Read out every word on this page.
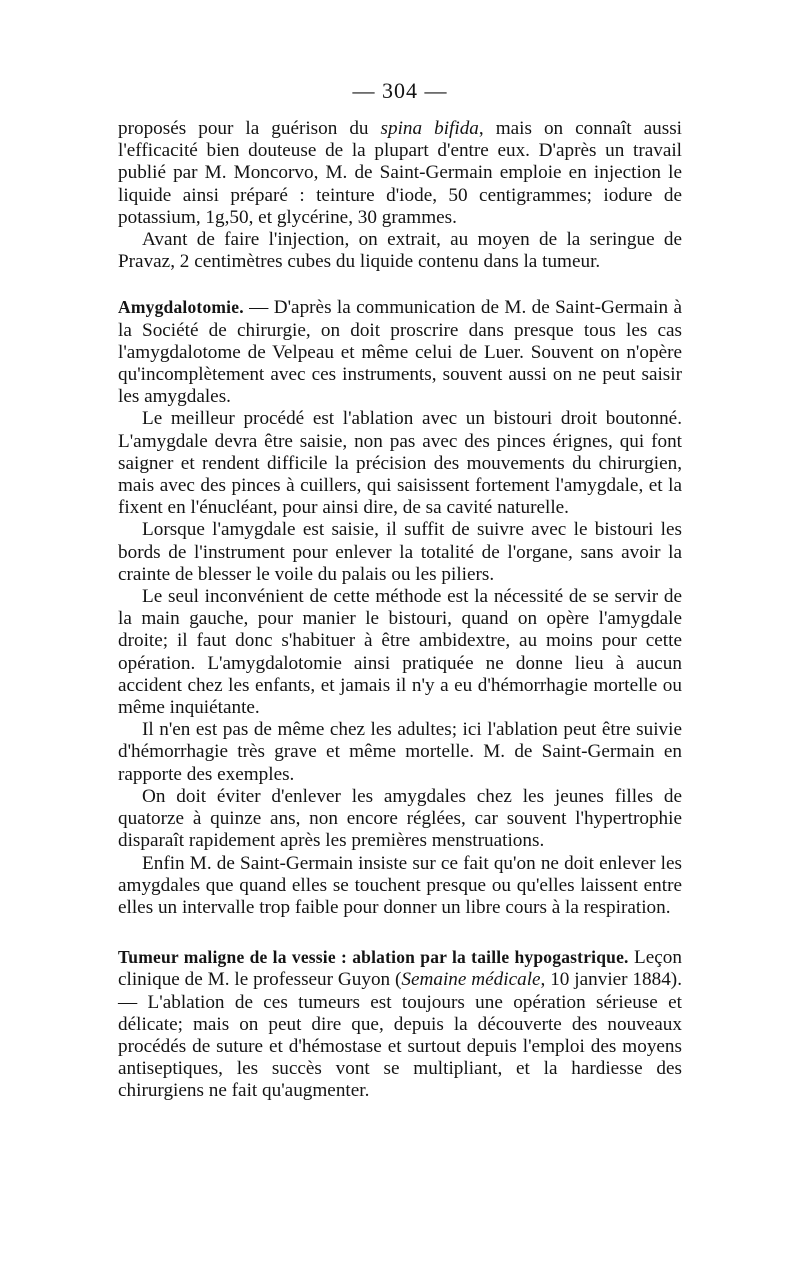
— 304 —

proposés pour la guérison du spina bifida, mais on connaît aussi l'efficacité bien douteuse de la plupart d'entre eux. D'après un travail publié par M. Moncorvo, M. de Saint-Germain emploie en injection le liquide ainsi préparé : teinture d'iode, 50 centigrammes; iodure de potassium, 1g,50, et glycérine, 30 grammes.

Avant de faire l'injection, on extrait, au moyen de la seringue de Pravaz, 2 centimètres cubes du liquide contenu dans la tumeur.

Amygdalotomie. — D'après la communication de M. de Saint-Germain à la Société de chirurgie, on doit proscrire dans presque tous les cas l'amygdalotome de Velpeau et même celui de Luer. Souvent on n'opère qu'incomplètement avec ces instruments, souvent aussi on ne peut saisir les amygdales.

Le meilleur procédé est l'ablation avec un bistouri droit boutonné. L'amygdale devra être saisie, non pas avec des pinces érignes, qui font saigner et rendent difficile la précision des mouvements du chirurgien, mais avec des pinces à cuillers, qui saisissent fortement l'amygdale, et la fixent en l'énucléant, pour ainsi dire, de sa cavité naturelle.

Lorsque l'amygdale est saisie, il suffit de suivre avec le bistouri les bords de l'instrument pour enlever la totalité de l'organe, sans avoir la crainte de blesser le voile du palais ou les piliers.

Le seul inconvénient de cette méthode est la nécessité de se servir de la main gauche, pour manier le bistouri, quand on opère l'amygdale droite; il faut donc s'habituer à être ambidextre, au moins pour cette opération. L'amygdalotomie ainsi pratiquée ne donne lieu à aucun accident chez les enfants, et jamais il n'y a eu d'hémorrhagie mortelle ou même inquiétante.

Il n'en est pas de même chez les adultes; ici l'ablation peut être suivie d'hémorrhagie très grave et même mortelle. M. de Saint-Germain en rapporte des exemples.

On doit éviter d'enlever les amygdales chez les jeunes filles de quatorze à quinze ans, non encore réglées, car souvent l'hypertrophie disparaît rapidement après les premières menstruations.

Enfin M. de Saint-Germain insiste sur ce fait qu'on ne doit enlever les amygdales que quand elles se touchent presque ou qu'elles laissent entre elles un intervalle trop faible pour donner un libre cours à la respiration.

Tumeur maligne de la vessie : ablation par la taille hypogastrique. Leçon clinique de M. le professeur Guyon (Semaine médicale, 10 janvier 1884). — L'ablation de ces tumeurs est toujours une opération sérieuse et délicate; mais on peut dire que, depuis la découverte des nouveaux procédés de suture et d'hémostase et surtout depuis l'emploi des moyens antiseptiques, les succès vont se multipliant, et la hardiesse des chirurgiens ne fait qu'augmenter.
